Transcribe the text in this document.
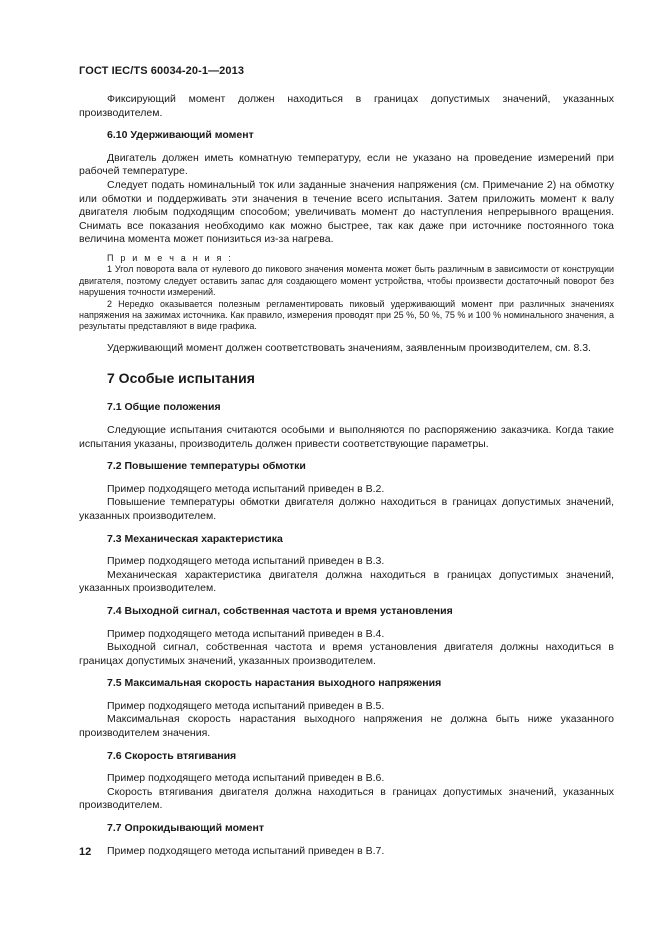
ГОСТ IEC/TS 60034-20-1—2013

Фиксирующий момент должен находиться в границах допустимых значений, указанных производителем.

6.10 Удерживающий момент

Двигатель должен иметь комнатную температуру, если не указано на проведение измерений при рабочей температуре.

Следует подать номинальный ток или заданные значения напряжения (см. Примечание 2) на обмотку или обмотки и поддерживать эти значения в течение всего испытания. Затем приложить момент к валу двигателя любым подходящим способом; увеличивать момент до наступления непрерывного вращения. Снимать все показания необходимо как можно быстрее, так как даже при источнике постоянного тока величина момента может понизиться из-за нагрева.

П р и м е ч а н и я :

1 Угол поворота вала от нулевого до пикового значения момента может быть различным в зависимости от конструкции двигателя, поэтому следует оставить запас для создающего момент устройства, чтобы произвести достаточный поворот без нарушения точности измерений.

2 Нередко оказывается полезным регламентировать пиковый удерживающий момент при различных значениях напряжения на зажимах источника. Как правило, измерения проводят при 25 %, 50 %, 75 % и 100 % номинального значения, а результаты представляют в виде графика.

Удерживающий момент должен соответствовать значениям, заявленным производителем, см. 8.3.

7 Особые испытания

7.1 Общие положения

Следующие испытания считаются особыми и выполняются по распоряжению заказчика. Когда такие испытания указаны, производитель должен привести соответствующие параметры.

7.2 Повышение температуры обмотки

Пример подходящего метода испытаний приведен в В.2.

Повышение температуры обмотки двигателя должно находиться в границах допустимых значений, указанных производителем.

7.3 Механическая характеристика

Пример подходящего метода испытаний приведен в В.3.

Механическая характеристика двигателя должна находиться в границах допустимых значений, указанных производителем.

7.4 Выходной сигнал, собственная частота и время установления

Пример подходящего метода испытаний приведен в В.4.

Выходной сигнал, собственная частота и время установления двигателя должны находиться в границах допустимых значений, указанных производителем.

7.5 Максимальная скорость нарастания выходного напряжения

Пример подходящего метода испытаний приведен в В.5.

Максимальная скорость нарастания выходного напряжения не должна быть ниже указанного производителем значения.

7.6 Скорость втягивания

Пример подходящего метода испытаний приведен в В.6.

Скорость втягивания двигателя должна находиться в границах допустимых значений, указанных производителем.

7.7 Опрокидывающий момент

Пример подходящего метода испытаний приведен в В.7.

12
